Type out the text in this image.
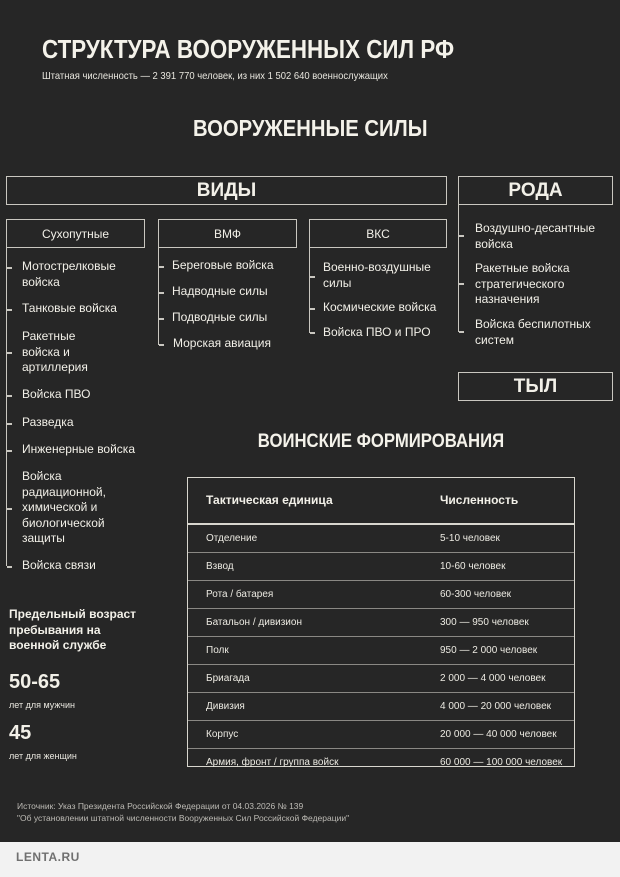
СТРУКТУРА ВООРУЖЕННЫХ СИЛ РФ
Штатная численность — 2 391 770 человек, из них 1 502 640 военнослужащих
ВООРУЖЕННЫЕ СИЛЫ
ВИДЫ	РОДА
Сухопутные
Мотострелковые войска
Танковые войска
Ракетные войска и артиллерия
Войска ПВО
Разведка
Инженерные войска
Войска радиационной, химической и биологической защиты
Войска связи
ВМФ
Береговые войска
Надводные силы
Подводные силы
Морская авиация
ВКС
Военно-воздушные силы
Космические войска
Войска ПВО и ПРО
Воздушно-десантные войска
Ракетные войска стратегического назначения
Войска беспилотных систем
ТЫЛ
ВОИНСКИЕ ФОРМИРОВАНИЯ
Тактическая единица	Численность
Отделение	5-10 человек
Взвод	10-60 человек
Рота / батарея	60-300 человек
Батальон / дивизион	300 — 950 человек
Полк	950 — 2 000 человек
Бриагада	2 000 — 4 000 человек
Дивизия	4 000 — 20 000 человек
Корпус	20 000 — 40 000 человек
Армия, фронт / группа войск	60 000 — 100 000 человек
Предельный возраст пребывания на военной службе
50-65
лет для мужчин
45
лет для женщин
Источник: Указ Президента Российской Федерации от 04.03.2026 № 139
"Об установлении штатной численности Вооруженных Сил Российской Федерации"
LENTA.RU
